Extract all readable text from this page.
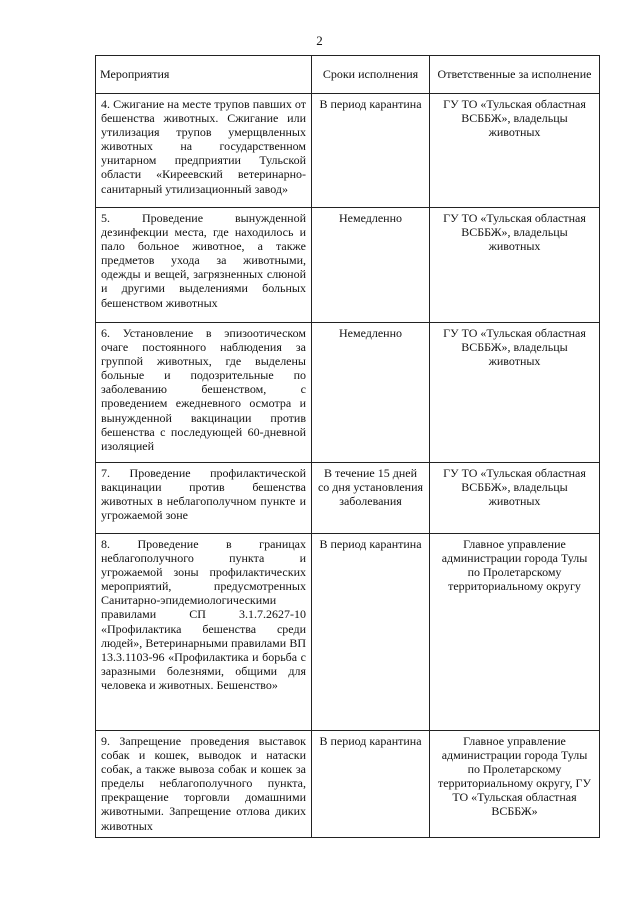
2
Мероприятия	Сроки исполнения	Ответственные за исполнение
4. Сжигание на месте трупов павших от бешенства животных. Сжигание или утилизация трупов умерщвленных животных на государственном унитарном предприятии Тульской области «Киреевский ветеринарно-санитарный утилизационный завод»	В период карантина	ГУ ТО «Тульская областная ВСББЖ», владельцы животных
5. Проведение вынужденной дезинфекции места, где находилось и пало больное животное, а также предметов ухода за животными, одежды и вещей, загрязненных слюной и другими выделениями больных бешенством животных	Немедленно	ГУ ТО «Тульская областная ВСББЖ», владельцы животных
6. Установление в эпизоотическом очаге постоянного наблюдения за группой животных, где выделены больные и подозрительные по заболеванию бешенством, с проведением ежедневного осмотра и вынужденной вакцинации против бешенства с последующей 60-дневной изоляцией	Немедленно	ГУ ТО «Тульская областная ВСББЖ», владельцы животных
7. Проведение профилактической вакцинации против бешенства животных в неблагополучном пункте и угрожаемой зоне	В течение 15 дней со дня установления заболевания	ГУ ТО «Тульская областная ВСББЖ», владельцы животных
8. Проведение в границах неблагополучного пункта и угрожаемой зоны профилактических мероприятий, предусмотренных Санитарно-эпидемиологическими правилами СП 3.1.7.2627-10 «Профилактика бешенства среди людей», Ветеринарными правилами ВП 13.3.1103-96 «Профилактика и борьба с заразными болезнями, общими для человека и животных. Бешенство»	В период карантина	Главное управление администрации города Тулы по Пролетарскому территориальному округу
9. Запрещение проведения выставок собак и кошек, выводок и натаски собак, а также вывоза собак и кошек за пределы неблагополучного пункта, прекращение торговли домашними животными. Запрещение отлова диких животных	В период карантина	Главное управление администрации города Тулы по Пролетарскому территориальному округу, ГУ ТО «Тульская областная ВСББЖ»
